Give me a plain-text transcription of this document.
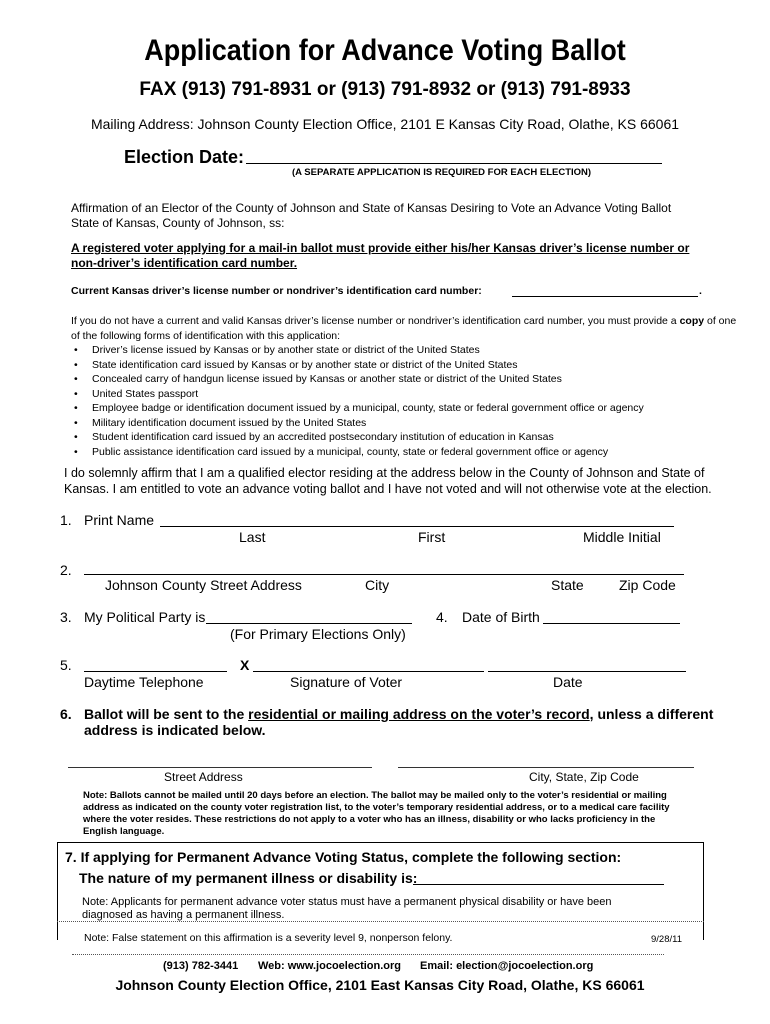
Application for Advance Voting Ballot
FAX (913) 791-8931 or (913) 791-8932 or (913) 791-8933
Mailing Address: Johnson County Election Office, 2101 E Kansas City Road, Olathe, KS 66061
Election Date:
(A SEPARATE APPLICATION IS REQUIRED FOR EACH ELECTION)
Affirmation of an Elector of the County of Johnson and State of Kansas Desiring to Vote an Advance Voting Ballot
State of Kansas, County of Johnson, ss:
A registered voter applying for a mail-in ballot must provide either his/her Kansas driver’s license number or
non-driver’s identification card number.
Current Kansas driver’s license number or nondriver’s identification card number:	.
If you do not have a current and valid Kansas driver’s license number or nondriver’s identification card number, you must provide a copy of one
of the following forms of identification with this application:
• Driver’s license issued by Kansas or by another state or district of the United States
• State identification card issued by Kansas or by another state or district of the United States
• Concealed carry of handgun license issued by Kansas or another state or district of the United States
• United States passport
• Employee badge or identification document issued by a municipal, county, state or federal government office or agency
• Military identification document issued by the United States
• Student identification card issued by an accredited postsecondary institution of education in Kansas
• Public assistance identification card issued by a municipal, county, state or federal government office or agency
I do solemnly affirm that I am a qualified elector residing at the address below in the County of Johnson and State of
Kansas. I am entitled to vote an advance voting ballot and I have not voted and will not otherwise vote at the election.
1. Print Name
Last	First	Middle Initial
2.
Johnson County Street Address	City	State	Zip Code
3. My Political Party is
(For Primary Elections Only)
4. Date of Birth
5.	X
Daytime Telephone	Signature of Voter	Date
6. Ballot will be sent to the residential or mailing address on the voter’s record, unless a different
address is indicated below.
Street Address	City, State, Zip Code
Note: Ballots cannot be mailed until 20 days before an election. The ballot may be mailed only to the voter’s residential or mailing
address as indicated on the county voter registration list, to the voter’s temporary residential address, or to a medical care facility
where the voter resides. These restrictions do not apply to a voter who has an illness, disability or who lacks proficiency in the
English language.
7. If applying for Permanent Advance Voting Status, complete the following section:
The nature of my permanent illness or disability is:
Note: Applicants for permanent advance voter status must have a permanent physical disability or have been
diagnosed as having a permanent illness.
Note: False statement on this affirmation is a severity level 9, nonperson felony.	9/28/11
(913) 782-3441 Web: www.jocoelection.org Email: election@jocoelection.org
Johnson County Election Office, 2101 East Kansas City Road, Olathe, KS 66061
